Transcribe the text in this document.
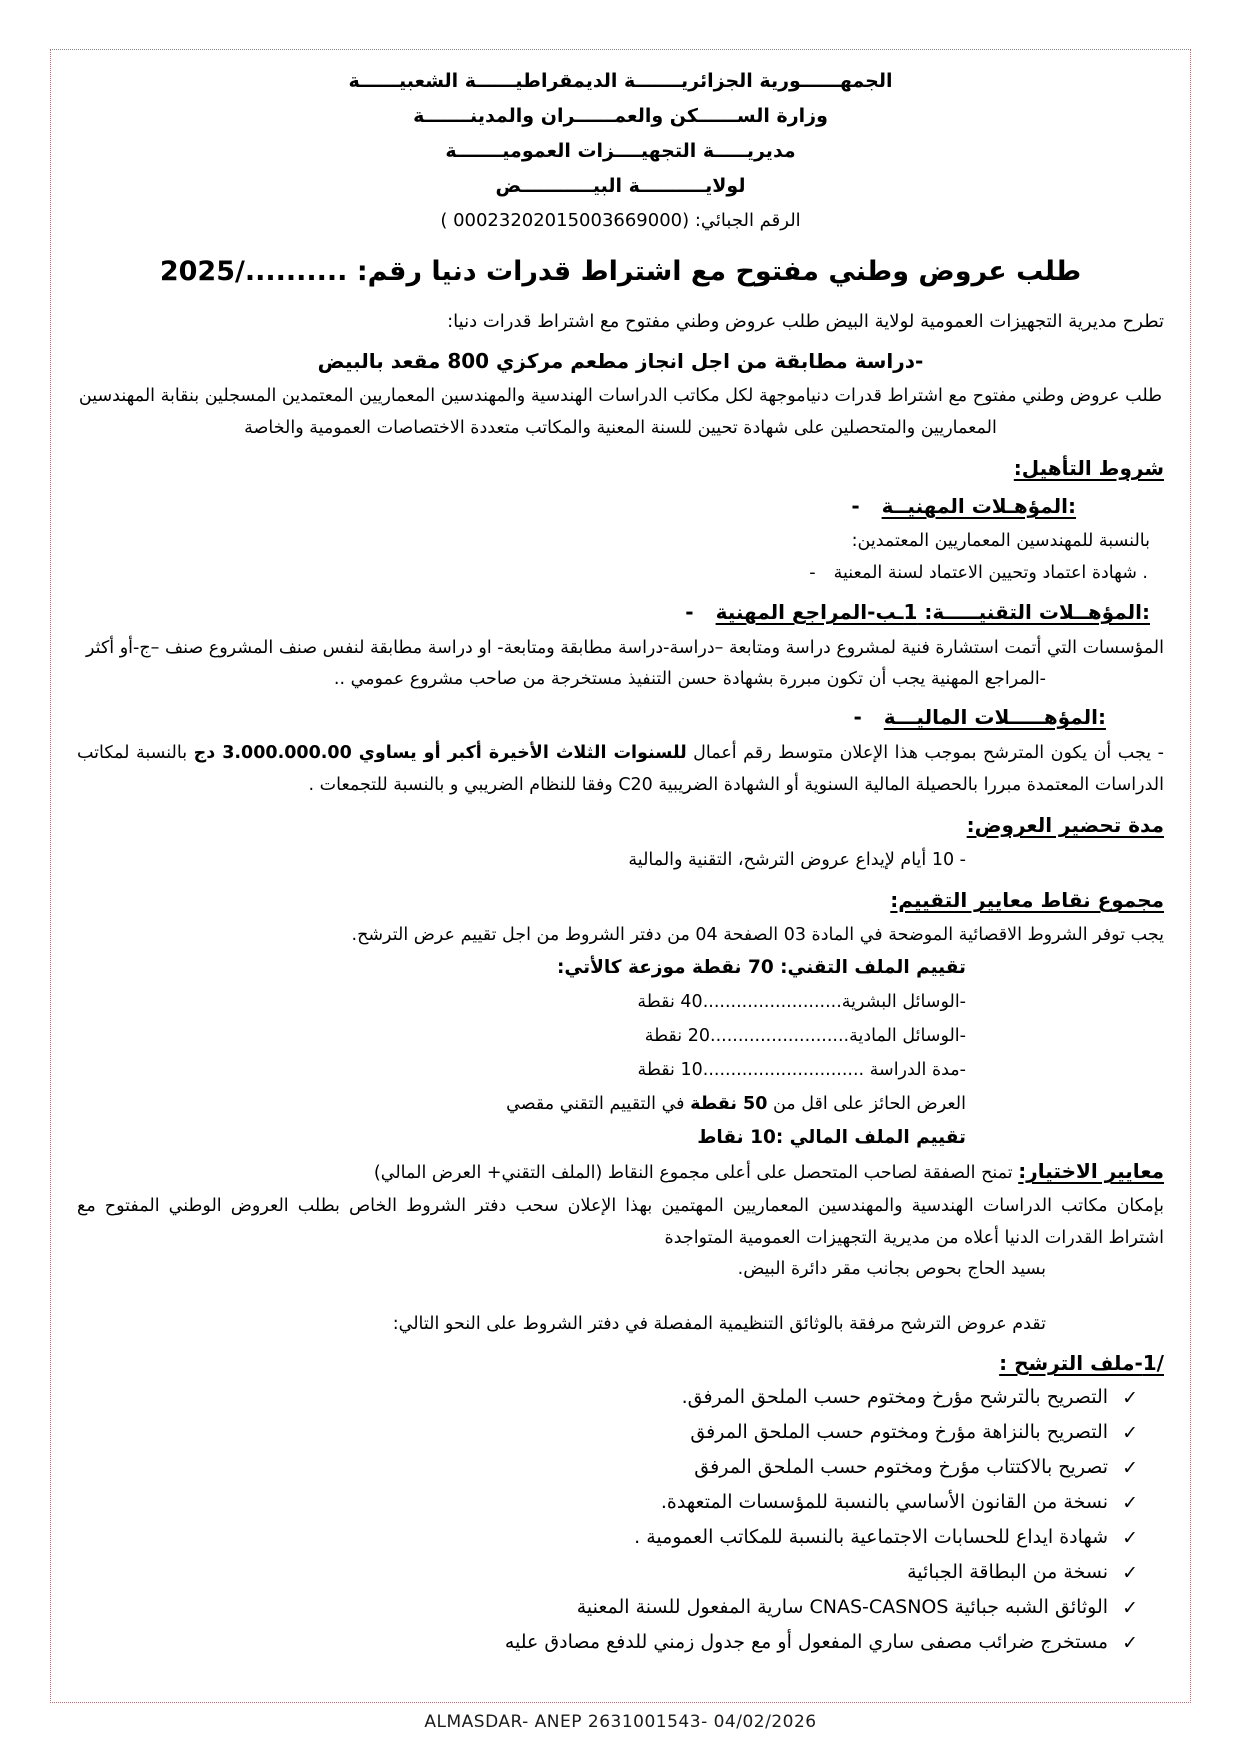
الجمهــــــورية الجزائريـــــــة الديمقراطيــــــة الشعبيــــــة
وزارة الســــــكن والعمــــــران والمدينـــــــة
مديريـــــة التجهيــــزات العموميـــــــة
لولايــــــــــة البيـــــــــــض
الرقم الجبائي: (00023202015003669000 )
طلب عروض وطني مفتوح مع اشتراط قدرات دنيا رقم: ........../2025
تطرح مديرية التجهيزات العمومية لولاية البيض طلب عروض وطني مفتوح مع اشتراط قدرات دنيا:
-دراسة مطابقة من اجل انجاز مطعم مركزي 800 مقعد بالبيض
طلب عروض وطني مفتوح مع اشتراط قدرات دنياموجهة لكل مكاتب الدراسات الهندسية والمهندسين المعماريين المعتمدين المسجلين بنقابة المهندسين المعماريين والمتحصلين على شهادة تحيين للسنة المعنية والمكاتب متعددة الاختصاصات العمومية والخاصة
شروط التأهيل:
- المؤهـلات المهنيــة:
بالنسبة للمهندسين المعماريين المعتمدين:
- شهادة اعتماد وتحيين الاعتماد لسنة المعنية .
- المؤهــلات التقنيـــــة: 1ـب-المراجع المهنية:
المؤسسات التي أتمت استشارة فنية لمشروع دراسة ومتابعة –دراسة-دراسة مطابقة ومتابعة- او دراسة مطابقة لنفس صنف المشروع صنف –ج-أو أكثر
-المراجع المهنية يجب أن تكون مبررة بشهادة حسن التنفيذ مستخرجة من صاحب مشروع عمومي ..
- المؤهـــــلات الماليـــة:
- يجب أن يكون المترشح بموجب هذا الإعلان متوسط رقم أعمال للسنوات الثلاث الأخيرة أكبر أو يساوي 3.000.000.00 دج بالنسبة لمكاتب الدراسات المعتمدة مبررا بالحصيلة المالية السنوية أو الشهادة الضريبية C20 وفقا للنظام الضريبي و بالنسبة للتجمعات .
مدة تحضير العروض:
- 10 أيام لإيداع عروض الترشح، التقنية والمالية
مجموع نقاط معايير التقييم:
يجب توفر الشروط الاقصائية الموضحة في المادة 03 الصفحة 04 من دفتر الشروط من اجل تقييم عرض الترشح.
تقييم الملف التقني: 70 نقطة موزعة كالأتي:
-الوسائل البشرية.........................40 نقطة
-الوسائل المادية.........................20 نقطة
-مدة الدراسة .............................10 نقطة
العرض الحائز على اقل من 50 نقطة في التقييم التقني مقصي
تقييم الملف المالي :10 نقاط
معايير الاختيار: تمنح الصفقة لصاحب المتحصل على أعلى مجموع النقاط (الملف التقني+ العرض المالي)
بإمكان مكاتب الدراسات الهندسية والمهندسين المعماريين المهتمين بهذا الإعلان سحب دفتر الشروط الخاص بطلب العروض الوطني المفتوح مع اشتراط القدرات الدنيا أعلاه من مديرية التجهيزات العمومية المتواجدة
بسيد الحاج بحوص بجانب مقر دائرة البيض.
تقدم عروض الترشح مرفقة بالوثائق التنظيمية المفصلة في دفتر الشروط على النحو التالي:
1/-ملف الترشح :
✓
التصريح بالترشح مؤرخ ومختوم حسب الملحق المرفق.
✓
التصريح بالنزاهة مؤرخ ومختوم حسب الملحق المرفق
✓
تصريح بالاكتتاب مؤرخ ومختوم حسب الملحق المرفق
✓
نسخة من القانون الأساسي بالنسبة للمؤسسات المتعهدة.
✓
شهادة ايداع للحسابات الاجتماعية بالنسبة للمكاتب العمومية .
✓
نسخة من البطاقة الجبائية
✓
الوثائق الشبه جبائية CNAS-CASNOS سارية المفعول للسنة المعنية
✓
مستخرج ضرائب مصفى ساري المفعول أو مع جدول زمني للدفع مصادق عليه
ALMASDAR- ANEP 2631001543- 04/02/2026
